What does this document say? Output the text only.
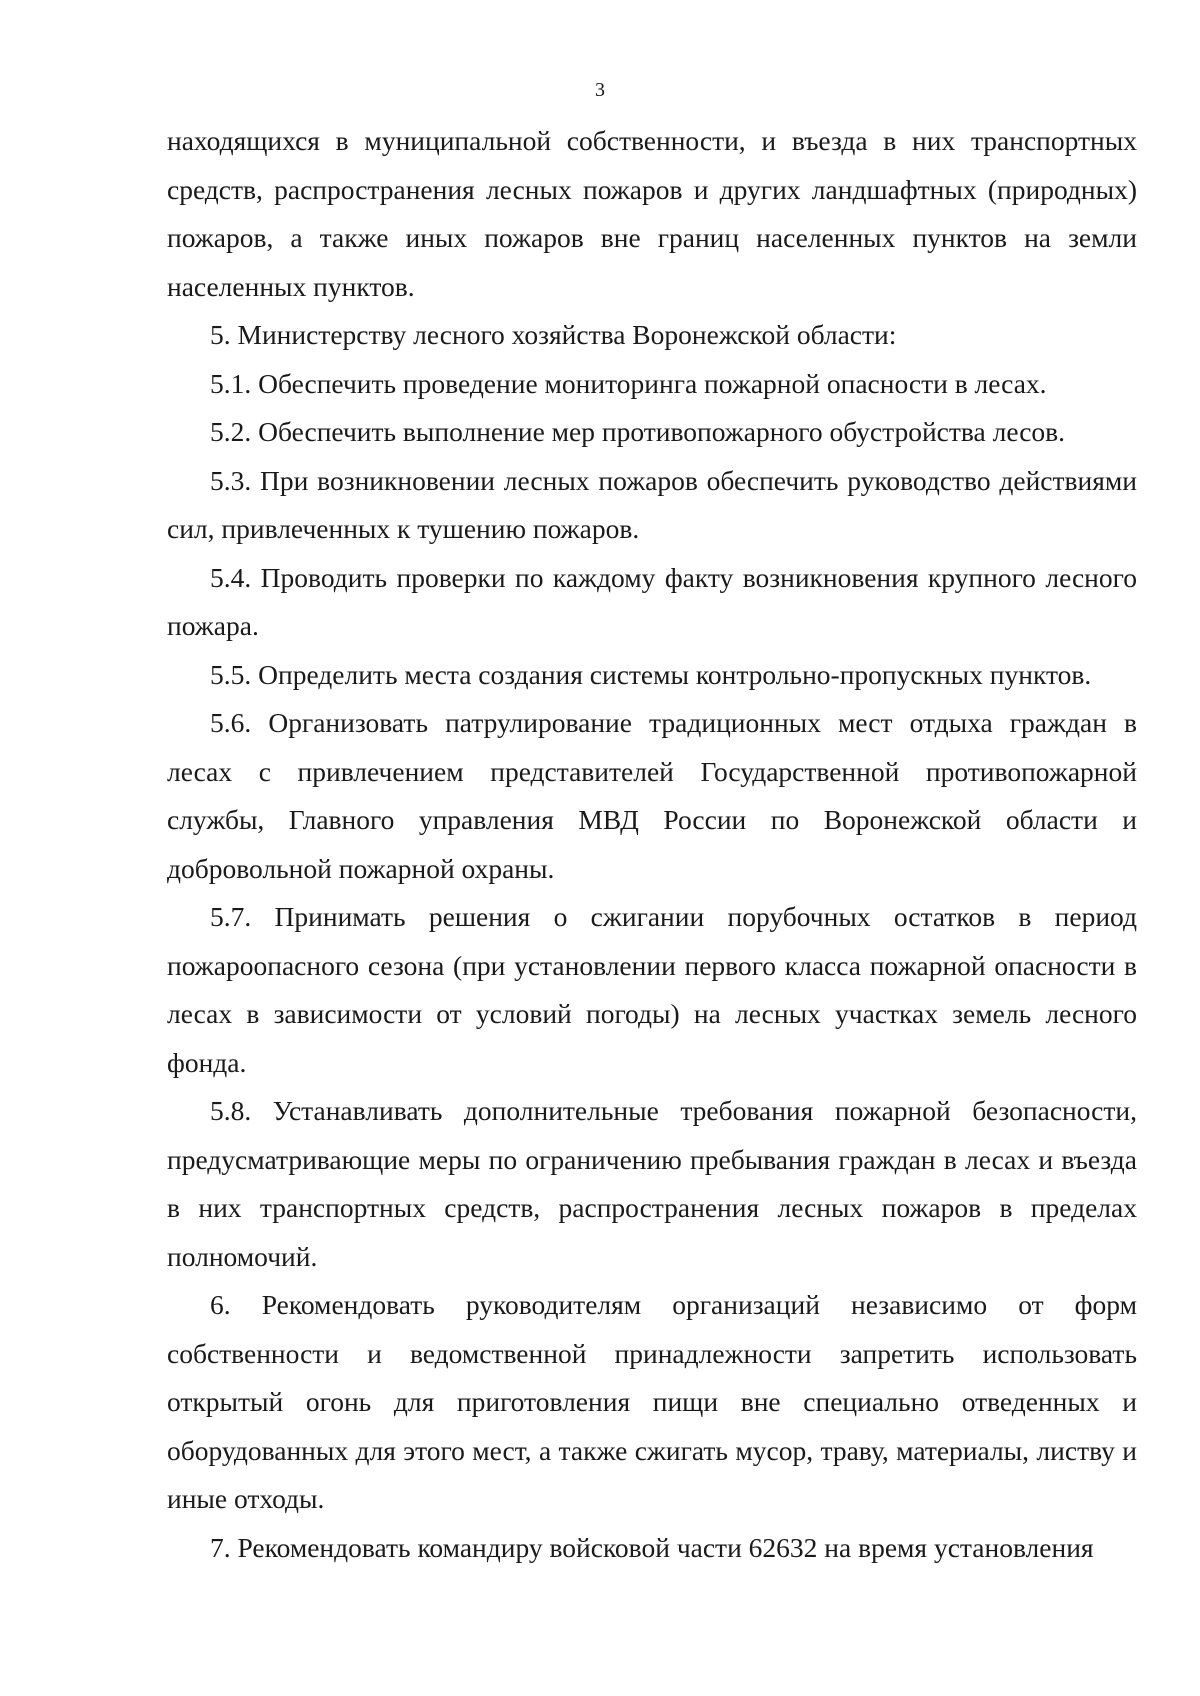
3

находящихся в муниципальной собственности, и въезда в них транспортных средств, распространения лесных пожаров и других ландшафтных (природных) пожаров, а также иных пожаров вне границ населенных пунктов на земли населенных пунктов.

5. Министерству лесного хозяйства Воронежской области:

5.1. Обеспечить проведение мониторинга пожарной опасности в лесах.

5.2. Обеспечить выполнение мер противопожарного обустройства лесов.

5.3. При возникновении лесных пожаров обеспечить руководство действиями сил, привлеченных к тушению пожаров.

5.4. Проводить проверки по каждому факту возникновения крупного лесного пожара.

5.5. Определить места создания системы контрольно-пропускных пунктов.

5.6. Организовать патрулирование традиционных мест отдыха граждан в лесах с привлечением представителей Государственной противопожарной службы, Главного управления МВД России по Воронежской области и добровольной пожарной охраны.

5.7. Принимать решения о сжигании порубочных остатков в период пожароопасного сезона (при установлении первого класса пожарной опасности в лесах в зависимости от условий погоды) на лесных участках земель лесного фонда.

5.8. Устанавливать дополнительные требования пожарной безопасности, предусматривающие меры по ограничению пребывания граждан в лесах и въезда в них транспортных средств, распространения лесных пожаров в пределах полномочий.

6. Рекомендовать руководителям организаций независимо от форм собственности и ведомственной принадлежности запретить использовать открытый огонь для приготовления пищи вне специально отведенных и оборудованных для этого мест, а также сжигать мусор, траву, материалы, листву и иные отходы.

7. Рекомендовать командиру войсковой части 62632 на время установления
